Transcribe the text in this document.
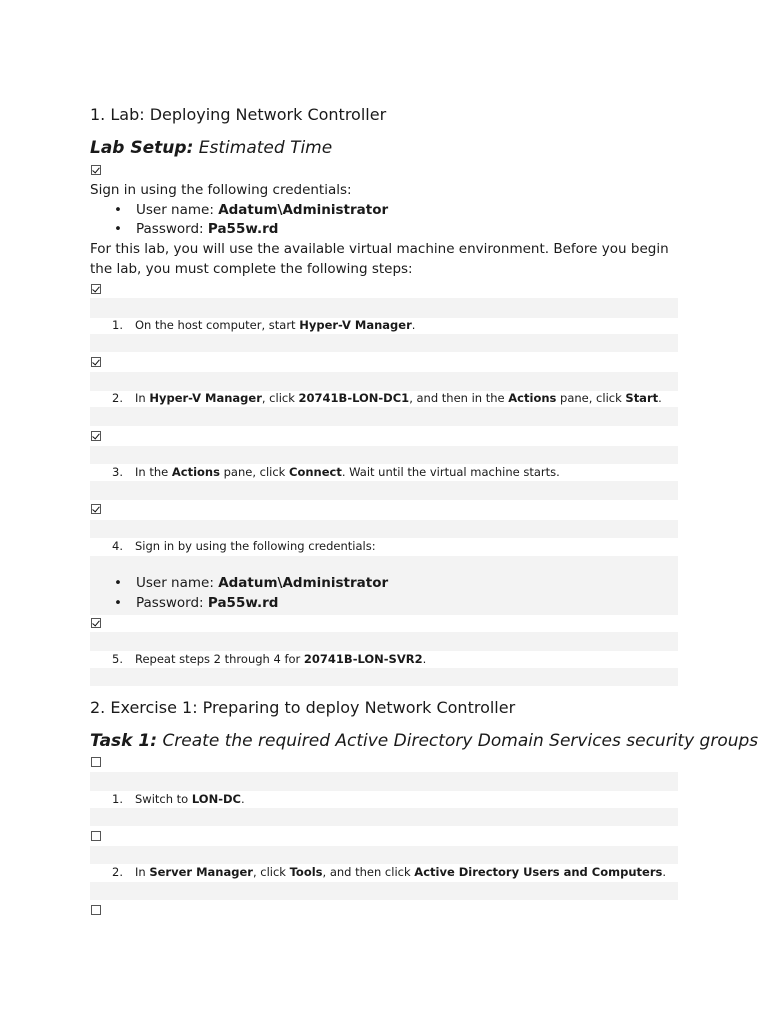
1. Lab: Deploying Network Controller
Lab Setup: Estimated Time
Sign in using the following credentials:
• User name: Adatum\Administrator
• Password: Pa55w.rd
For this lab, you will use the available virtual machine environment. Before you begin the lab, you must complete the following steps:
1. On the host computer, start Hyper-V Manager.
2. In Hyper-V Manager, click 20741B-LON-DC1, and then in the Actions pane, click Start.
3. In the Actions pane, click Connect. Wait until the virtual machine starts.
4. Sign in by using the following credentials:
• User name: Adatum\Administrator
• Password: Pa55w.rd
5. Repeat steps 2 through 4 for 20741B-LON-SVR2.
2. Exercise 1: Preparing to deploy Network Controller
Task 1: Create the required Active Directory Domain Services security groups
1. Switch to LON-DC.
2. In Server Manager, click Tools, and then click Active Directory Users and Computers.
